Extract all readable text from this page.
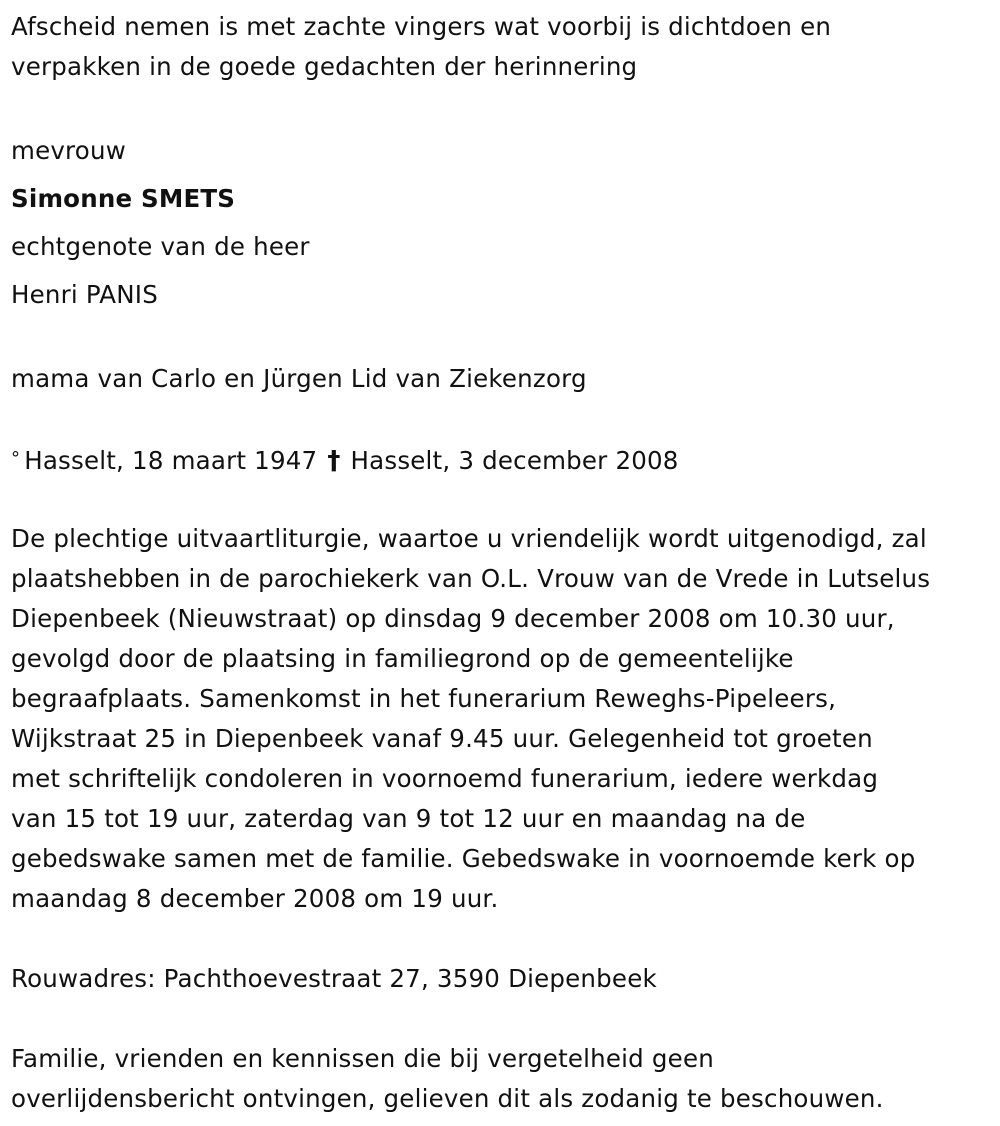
Afscheid nemen is met zachte vingers wat voorbij is dichtdoen en
verpakken in de goede gedachten der herinnering
mevrouw
Simonne SMETS
echtgenote van de heer
Henri PANIS
mama van Carlo en Jürgen Lid van Ziekenzorg
° Hasselt, 18 maart 1947 † Hasselt, 3 december 2008
De plechtige uitvaartliturgie, waartoe u vriendelijk wordt uitgenodigd, zal
plaatshebben in de parochiekerk van O.L. Vrouw van de Vrede in Lutselus
Diepenbeek (Nieuwstraat) op dinsdag 9 december 2008 om 10.30 uur,
gevolgd door de plaatsing in familiegrond op de gemeentelijke
begraafplaats. Samenkomst in het funerarium Reweghs-Pipeleers,
Wijkstraat 25 in Diepenbeek vanaf 9.45 uur. Gelegenheid tot groeten
met schriftelijk condoleren in voornoemd funerarium, iedere werkdag
van 15 tot 19 uur, zaterdag van 9 tot 12 uur en maandag na de
gebedswake samen met de familie. Gebedswake in voornoemde kerk op
maandag 8 december 2008 om 19 uur.
Rouwadres: Pachthoevestraat 27, 3590 Diepenbeek
Familie, vrienden en kennissen die bij vergetelheid geen
overlijdensbericht ontvingen, gelieven dit als zodanig te beschouwen.
